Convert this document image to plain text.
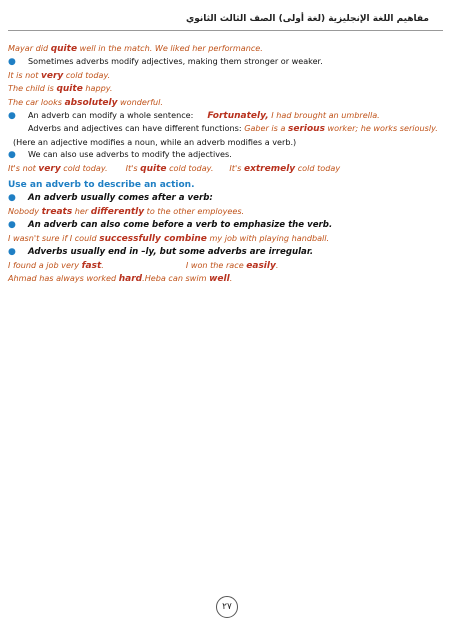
مفاهيم اللغة الإنجليزية (لغة أولى) الصف الثالث الثانوي
Mayar did quite well in the match. We liked her performance.
● Sometimes adverbs modify adjectives, making them stronger or weaker.
It is not very cold today.
The child is quite happy.
The car looks absolutely wonderful.
● An adverb can modify a whole sentence: Fortunately, I had brought an umbrella.
Adverbs and adjectives can have different functions: Gaber is a serious worker; he works seriously.
(Here an adjective modifies a noun, while an adverb modifies a verb.)
● We can also use adverbs to modify the adjectives.
It's not very cold today. It's quite cold today. It's extremely cold today
Use an adverb to describe an action.
● An adverb usually comes after a verb:
Nobody treats her differently to the other employees.
● An adverb can also come before a verb to emphasize the verb.
I wasn't sure if I could successfully combine my job with playing handball.
● Adverbs usually end in –ly, but some adverbs are irregular.
I found a job very fast.	I won the race easily.
Ahmad has always worked hard.Heba can swim well.
٢٧
